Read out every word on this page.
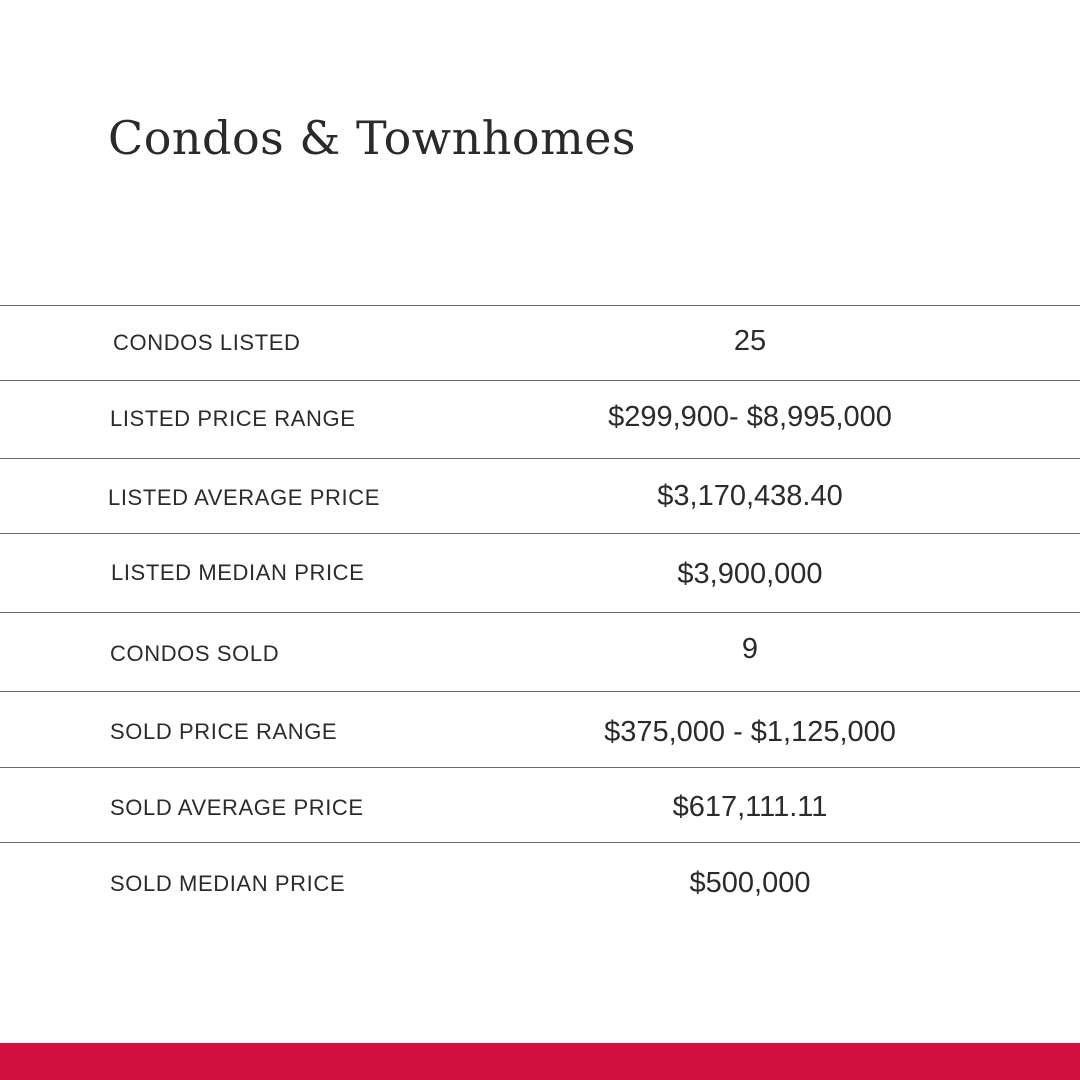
Condos & Townhomes
CONDOS LISTED	25
LISTED PRICE RANGE	$299,900- $8,995,000
LISTED AVERAGE PRICE	$3,170,438.40
LISTED MEDIAN PRICE	$3,900,000
CONDOS SOLD	9
SOLD PRICE RANGE	$375,000 - $1,125,000
SOLD AVERAGE PRICE	$617,111.11
SOLD MEDIAN PRICE	$500,000
